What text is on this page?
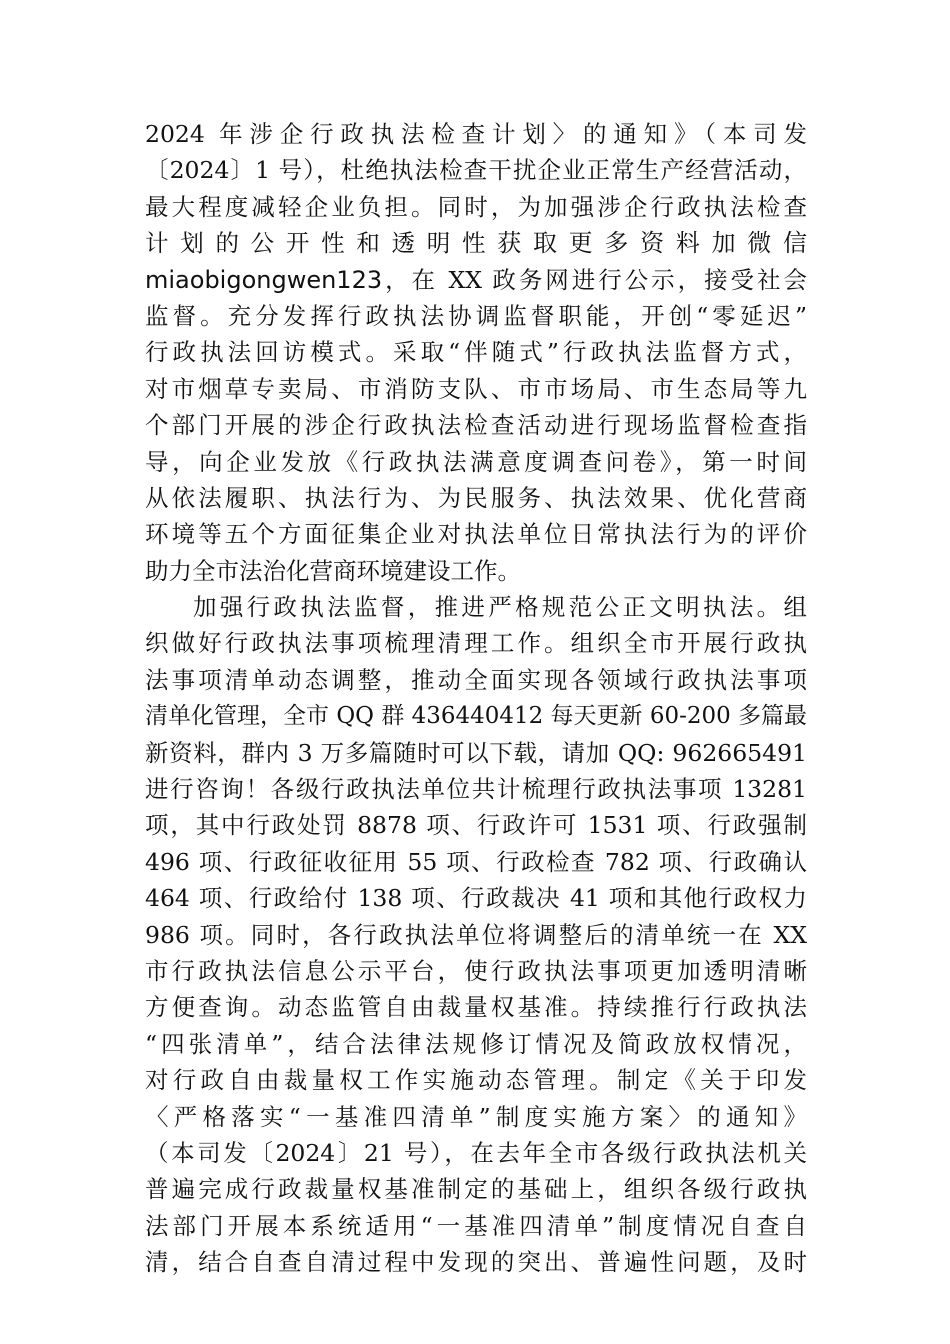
2024 年涉企行政执法检查计划〉的通知》（本司发
〔2024〕1 号），杜绝执法检查干扰企业正常生产经营活动，
最大程度减轻企业负担。同时，为加强涉企行政执法检查
计划的公开性和透明性获取更多资料加微信
miaobigongwen123，在 XX 政务网进行公示，接受社会
监督。充分发挥行政执法协调监督职能，开创“零延迟”
行政执法回访模式。采取“伴随式”行政执法监督方式，
对市烟草专卖局、市消防支队、市市场局、市生态局等九
个部门开展的涉企行政执法检查活动进行现场监督检查指
导，向企业发放《行政执法满意度调查问卷》，第一时间
从依法履职、执法行为、为民服务、执法效果、优化营商
环境等五个方面征集企业对执法单位日常执法行为的评价
助力全市法治化营商环境建设工作。
加强行政执法监督，推进严格规范公正文明执法。组
织做好行政执法事项梳理清理工作。组织全市开展行政执
法事项清单动态调整，推动全面实现各领域行政执法事项
清单化管理，全市 QQ 群 436440412 每天更新 60-200 多篇最
新资料，群内 3 万多篇随时可以下载，请加 QQ: 962665491
进行咨询！各级行政执法单位共计梳理行政执法事项 13281
项，其中行政处罚 8878 项、行政许可 1531 项、行政强制
496 项、行政征收征用 55 项、行政检查 782 项、行政确认
464 项、行政给付 138 项、行政裁决 41 项和其他行政权力
986 项。同时，各行政执法单位将调整后的清单统一在 XX
市行政执法信息公示平台，使行政执法事项更加透明清晰
方便查询。动态监管自由裁量权基准。持续推行行政执法
“四张清单”，结合法律法规修订情况及简政放权情况，
对行政自由裁量权工作实施动态管理。制定《关于印发
〈严格落实“一基准四清单”制度实施方案〉的通知》
（本司发〔2024〕21 号），在去年全市各级行政执法机关
普遍完成行政裁量权基准制定的基础上，组织各级行政执
法部门开展本系统适用“一基准四清单”制度情况自查自
清，结合自查自清过程中发现的突出、普遍性问题，及时
